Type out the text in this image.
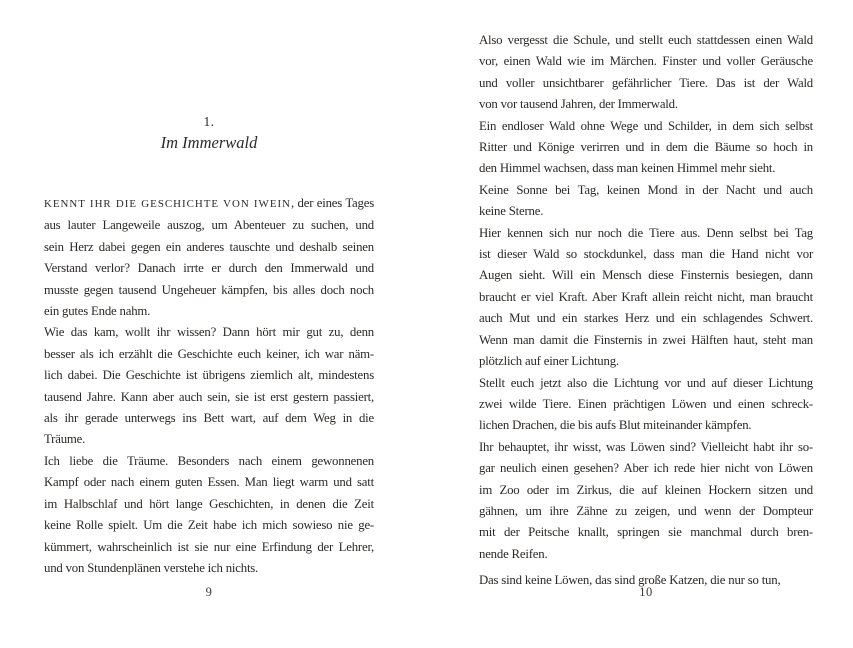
1.
Im Immerwald
KENNT IHR DIE GESCHICHTE VON IWEIN, der eines Tages
aus lauter Langeweile auszog, um Abenteuer zu suchen, und
sein Herz dabei gegen ein anderes tauschte und deshalb seinen
Verstand verlor? Danach irrte er durch den Immerwald und
musste gegen tausend Ungeheuer kämpfen, bis alles doch noch
ein gutes Ende nahm.
Wie das kam, wollt ihr wissen? Dann hört mir gut zu, denn
besser als ich erzählt die Geschichte euch keiner, ich war näm-
lich dabei. Die Geschichte ist übrigens ziemlich alt, mindestens
tausend Jahre. Kann aber auch sein, sie ist erst gestern passiert,
als ihr gerade unterwegs ins Bett wart, auf dem Weg in die
Träume.
Ich liebe die Träume. Besonders nach einem gewonnenen
Kampf oder nach einem guten Essen. Man liegt warm und satt
im Halbschlaf und hört lange Geschichten, in denen die Zeit
keine Rolle spielt. Um die Zeit habe ich mich sowieso nie ge-
kümmert, wahrscheinlich ist sie nur eine Erfindung der Lehrer,
und von Stundenplänen verstehe ich nichts.
9
Also vergesst die Schule, und stellt euch stattdessen einen Wald
vor, einen Wald wie im Märchen. Finster und voller Geräusche
und voller unsichtbarer gefährlicher Tiere. Das ist der Wald
von vor tausend Jahren, der Immerwald.
Ein endloser Wald ohne Wege und Schilder, in dem sich selbst
Ritter und Könige verirren und in dem die Bäume so hoch in
den Himmel wachsen, dass man keinen Himmel mehr sieht.
Keine Sonne bei Tag, keinen Mond in der Nacht und auch
keine Sterne.
Hier kennen sich nur noch die Tiere aus. Denn selbst bei Tag
ist dieser Wald so stockdunkel, dass man die Hand nicht vor
Augen sieht. Will ein Mensch diese Finsternis besiegen, dann
braucht er viel Kraft. Aber Kraft allein reicht nicht, man braucht
auch Mut und ein starkes Herz und ein schlagendes Schwert.
Wenn man damit die Finsternis in zwei Hälften haut, steht man
plötzlich auf einer Lichtung.
Stellt euch jetzt also die Lichtung vor und auf dieser Lichtung
zwei wilde Tiere. Einen prächtigen Löwen und einen schreck-
lichen Drachen, die bis aufs Blut miteinander kämpfen.
Ihr behauptet, ihr wisst, was Löwen sind? Vielleicht habt ihr so-
gar neulich einen gesehen? Aber ich rede hier nicht von Löwen
im Zoo oder im Zirkus, die auf kleinen Hockern sitzen und
gähnen, um ihre Zähne zu zeigen, und wenn der Dompteur
mit der Peitsche knallt, springen sie manchmal durch bren-
nende Reifen.
Das sind keine Löwen, das sind große Katzen, die nur so tun,
10
